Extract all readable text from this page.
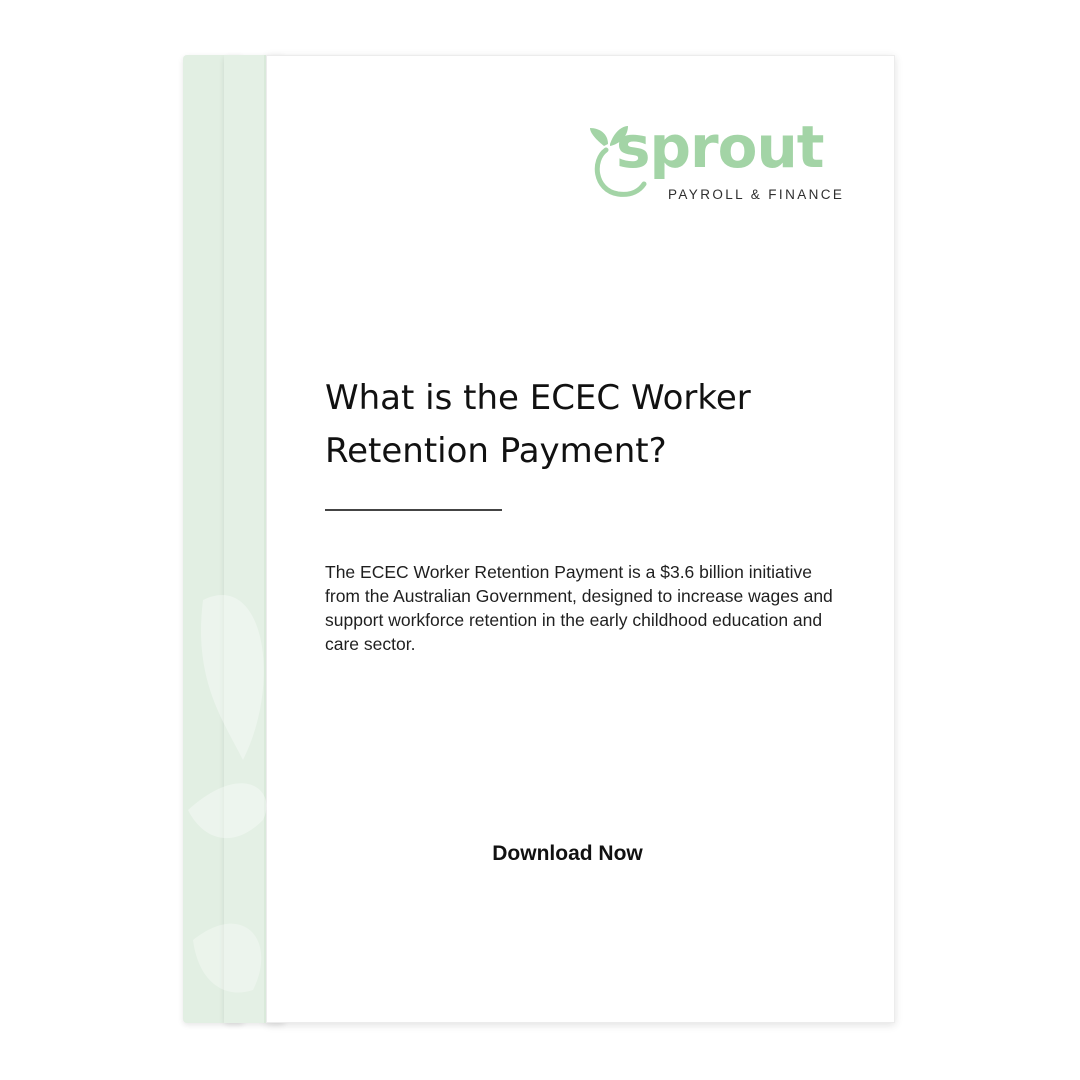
sprout
PAYROLL & FINANCE
What is the ECEC Worker
Retention Payment?

The ECEC Worker Retention Payment is a $3.6 billion initiative from the Australian Government, designed to increase wages and support workforce retention in the early childhood education and care sector.

Download Now
